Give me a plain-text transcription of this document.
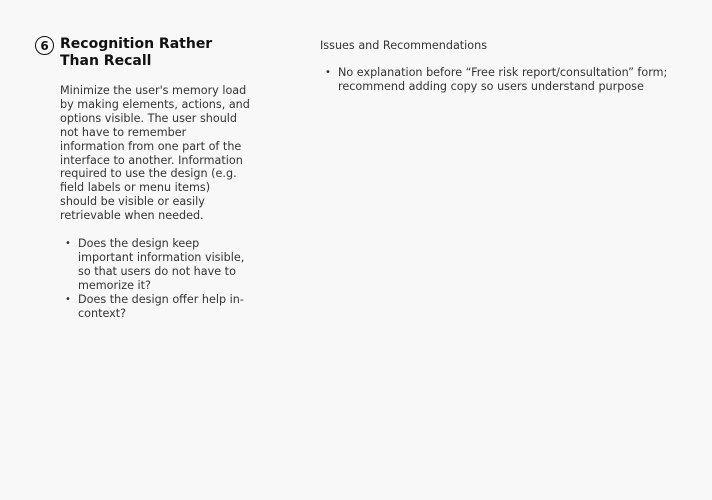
6 Recognition Rather Than Recall
Minimize the user's memory load by making elements, actions, and options visible. The user should not have to remember information from one part of the interface to another. Information required to use the design (e.g. field labels or menu items) should be visible or easily retrievable when needed.
• Does the design keep important information visible, so that users do not have to memorize it?
• Does the design offer help in-context?
Issues and Recommendations
• No explanation before “Free risk report/consultation” form; recommend adding copy so users understand purpose
